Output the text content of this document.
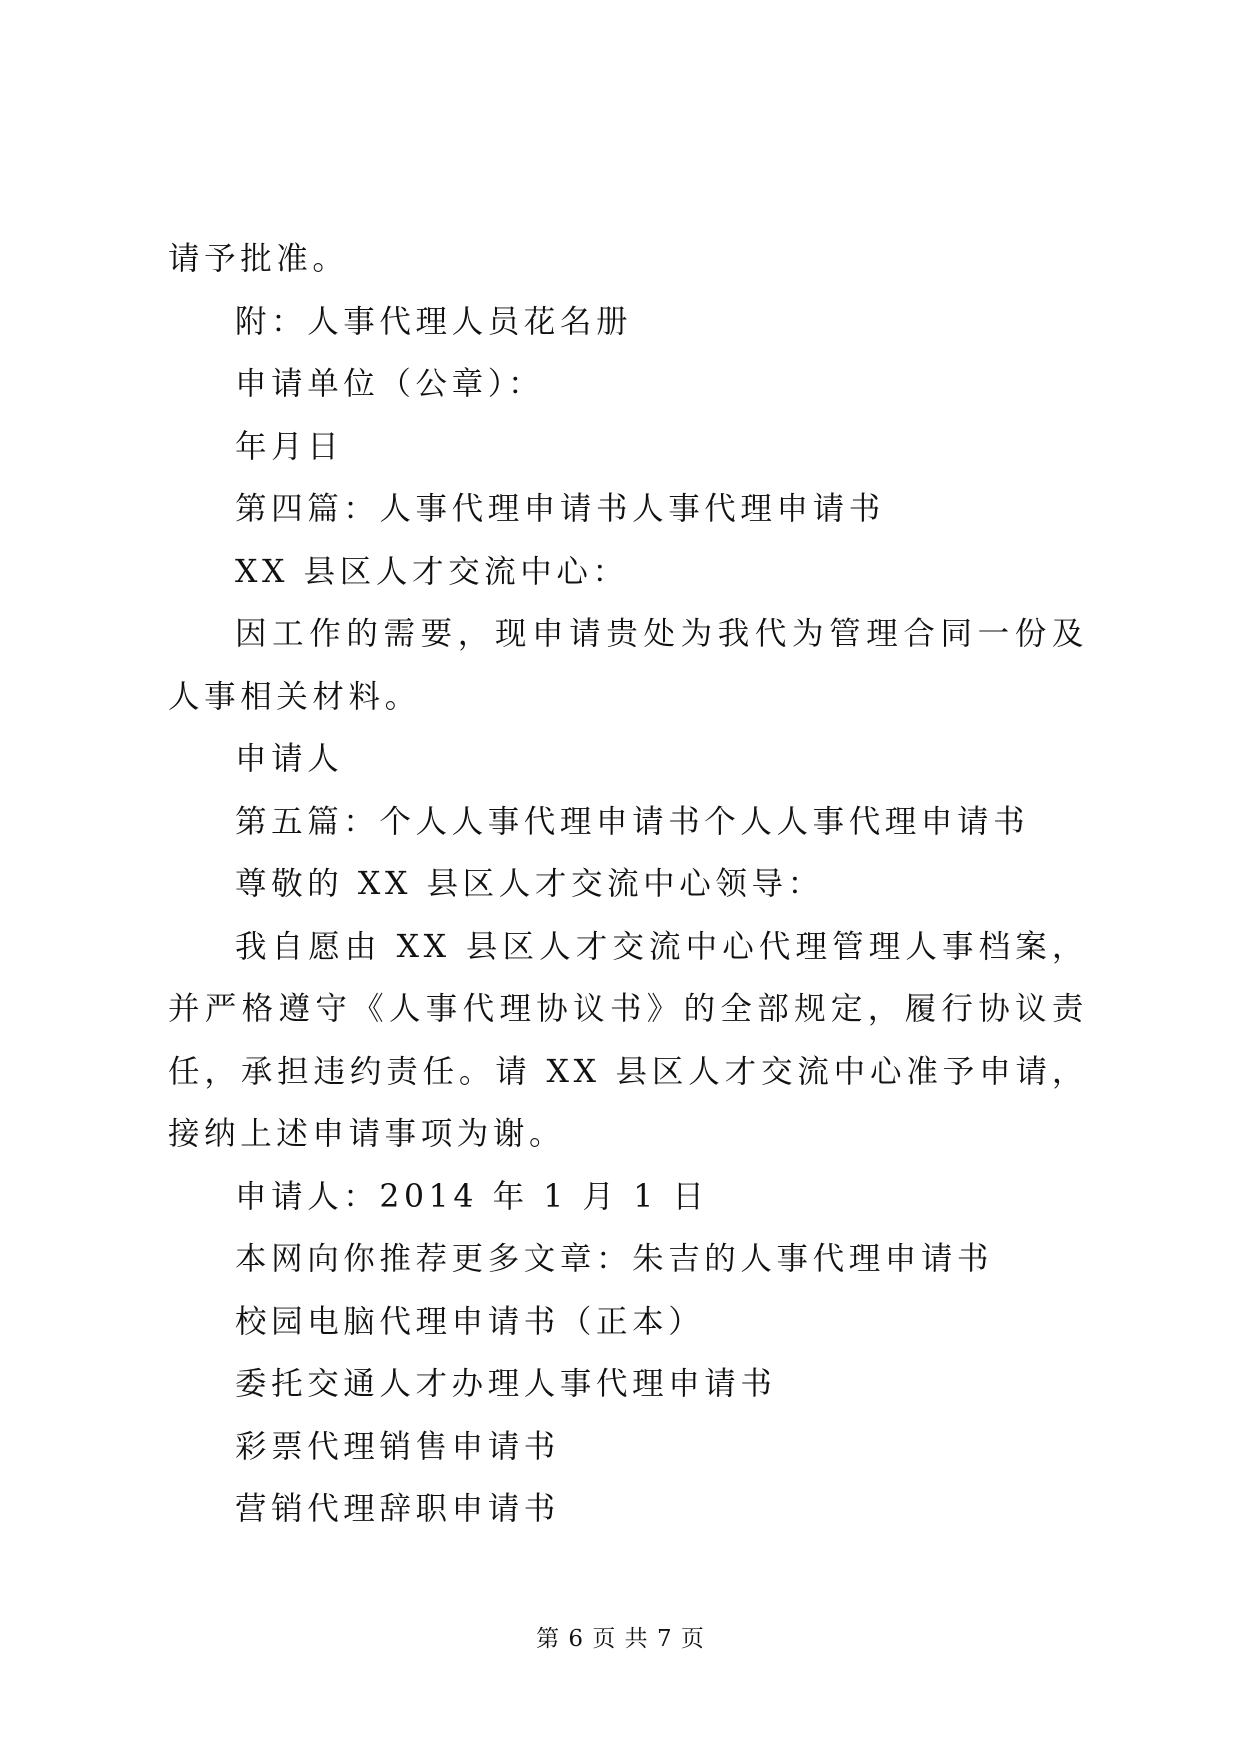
请予批准。

附：人事代理人员花名册

申请单位（公章）：

年月日

第四篇：人事代理申请书人事代理申请书

XX 县区人才交流中心：

因工作的需要，现申请贵处为我代为管理合同一份及人事相关材料。

申请人

第五篇：个人人事代理申请书个人人事代理申请书

尊敬的 XX 县区人才交流中心领导：

我自愿由 XX 县区人才交流中心代理管理人事档案，并严格遵守《人事代理协议书》的全部规定，履行协议责任，承担违约责任。请 XX 县区人才交流中心准予申请，接纳上述申请事项为谢。

申请人：2014 年 1 月 1 日

本网向你推荐更多文章：朱吉的人事代理申请书

校园电脑代理申请书（正本）

委托交通人才办理人事代理申请书

彩票代理销售申请书

营销代理辞职申请书

第 6 页 共 7 页
